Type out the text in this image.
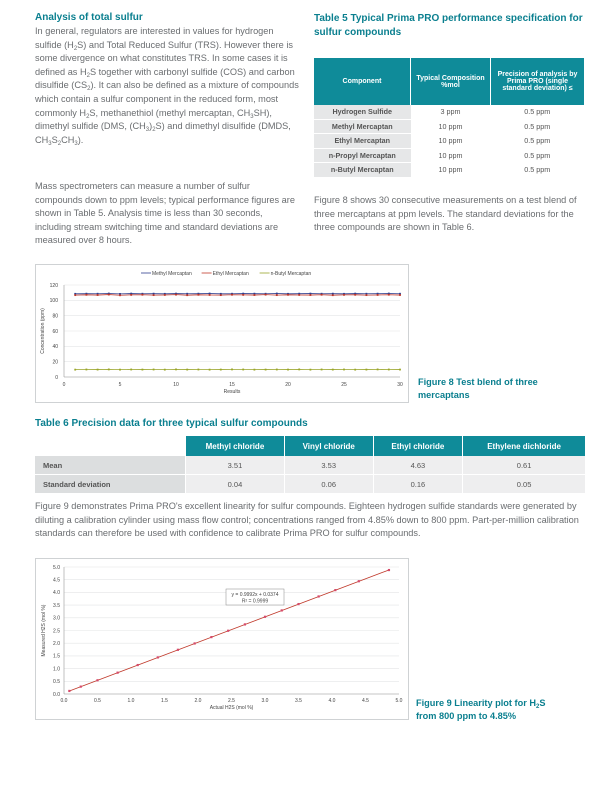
Analysis of total sulfur
In general, regulators are interested in values for hydrogen sulfide $(H_2S)$ and Total Reduced Sulfur (TRS). However there is some divergence on what constitutes TRS. In some cases it is defined as $H_2S$ together with carbonyl sulfide (COS) and carbon disulfide $(CS_2)$. It can also be defined as a mixture of compounds which contain a sulfur component in the reduced form, most commonly $H_2S$, methanethiol (methyl mercaptan, $CH_3SH$), dimethyl sulfide (DMS, $(CH_3)_2S$) and dimethyl disulfide (DMDS, $CH_3S_2CH_3$).
Mass spectrometers can measure a number of sulfur compounds down to ppm levels; typical performance figures are shown in Table 5. Analysis time is less than 30 seconds, including stream switching time and standard deviations are measured over 8 hours.
Table 5 Typical Prima PRO performance specification for sulfur compounds
Component	Typical Composition %mol	Precision of analysis by Prima PRO (single standard deviation) ≤
Hydrogen Sulfide	3 ppm	0.5 ppm
Methyl Mercaptan	10 ppm	0.5 ppm
Ethyl Mercaptan	10 ppm	0.5 ppm
n-Propyl Mercaptan	10 ppm	0.5 ppm
n-Butyl Mercaptan	10 ppm	0.5 ppm
Figure 8 shows 30 consecutive measurements on a test blend of three mercaptans at ppm levels. The standard deviations for the three compounds are shown in Table 6.
0
20
40
60
80
100
120
0	5	10	15	20	25	30
Results
Concentration (ppm)
Methyl Mercaptan	Ethyl Mercaptan	n-Butyl Mercaptan
Figure 8 Test blend of three mercaptans
Table 6 Precision data for three typical sulfur compounds
	Methyl chloride	Vinyl chloride	Ethyl chloride	Ethylene dichloride
Mean	3.51	3.53	4.63	0.61
Standard deviation	0.04	0.06	0.16	0.05
Figure 9 demonstrates Prima PRO's excellent linearity for sulfur compounds. Eighteen hydrogen sulfide standards were generated by diluting a calibration cylinder using mass flow control; concentrations ranged from 4.85% down to 800 ppm. Part-per-million calibration standards can therefore be used with confidence to calibrate Prima PRO for sulfur compounds.
0.0
0.5
1.0
1.5
2.0
2.5
3.0
3.5
4.0
4.5
5.0
0.0	0.5	1.0	1.5	2.0	2.5	3.0	3.5	4.0	4.5	5.0
Actual H2S (mol %)
Measured H2S (mol %)
y = 0.9992x + 0.0374
R² = 0.9999
Figure 9 Linearity plot for $H_2S$ from 800 ppm to 4.85%
